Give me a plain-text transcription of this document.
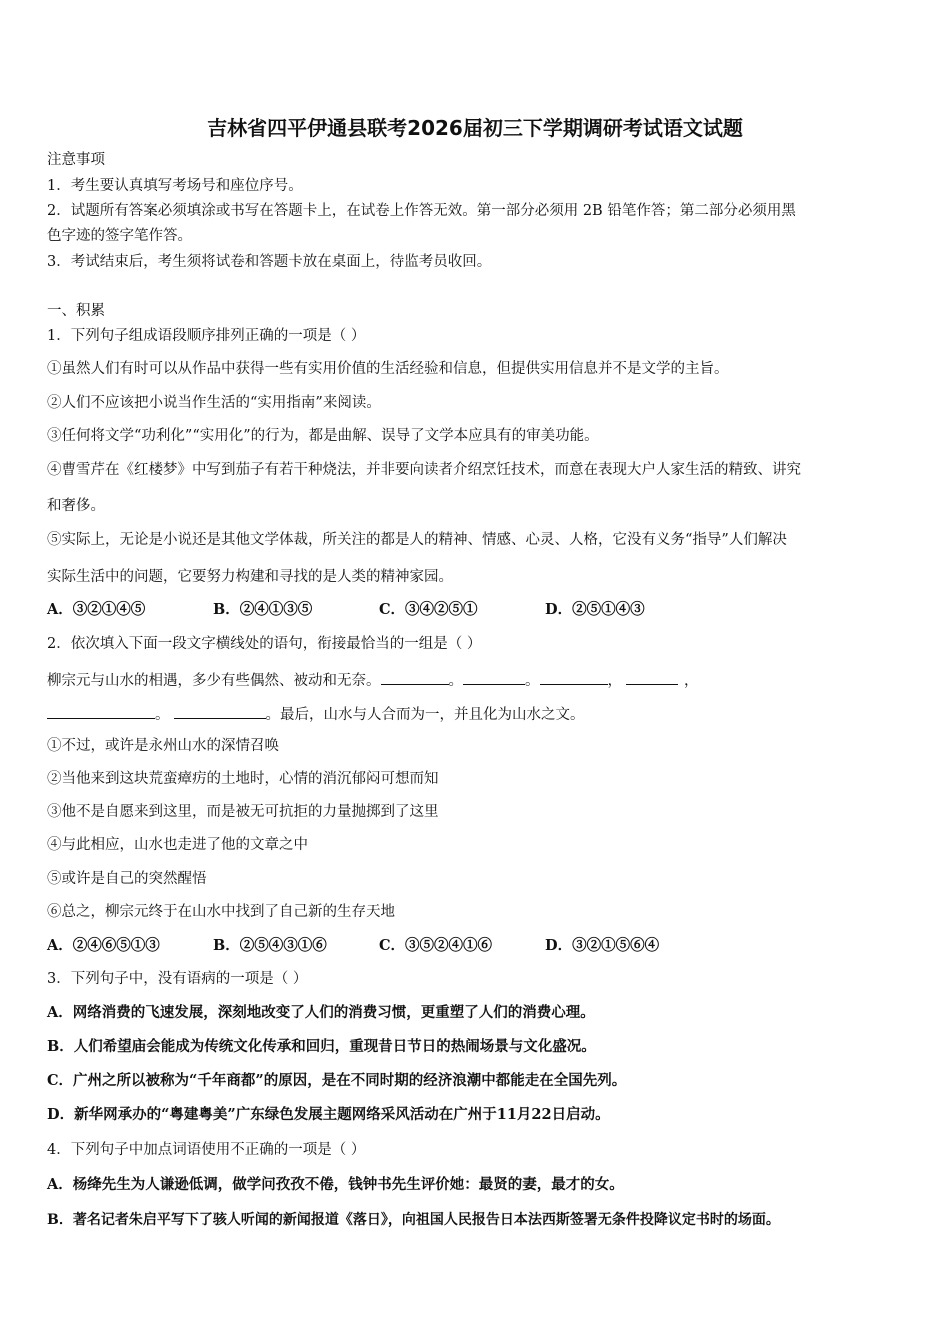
吉林省四平伊通县联考2026届初三下学期调研考试语文试题
注意事项
1．考生要认真填写考场号和座位序号。
2．试题所有答案必须填涂或书写在答题卡上，在试卷上作答无效。第一部分必须用 2B 铅笔作答；第二部分必须用黑
色字迹的签字笔作答。
3．考试结束后，考生须将试卷和答题卡放在桌面上，待监考员收回。
一、积累
1．下列句子组成语段顺序排列正确的一项是（ ）
①虽然人们有时可以从作品中获得一些有实用价值的生活经验和信息，但提供实用信息并不是文学的主旨。
②人们不应该把小说当作生活的“实用指南”来阅读。
③任何将文学“功利化”“实用化”的行为，都是曲解、误导了文学本应具有的审美功能。
④曹雪芹在《红楼梦》中写到茄子有若干种烧法，并非要向读者介绍烹饪技术，而意在表现大户人家生活的精致、讲究
和奢侈。
⑤实际上，无论是小说还是其他文学体裁，所关注的都是人的精神、情感、心灵、人格，它没有义务“指导”人们解决
实际生活中的问题，它要努力构建和寻找的是人类的精神家园。
A．③②①④⑤	B．②④①③⑤	C．③④②⑤①	D．②⑤①④③
2．依次填入下面一段文字横线处的语句，衔接最恰当的一组是（ ）
柳宗元与山水的相遇，多少有些偶然、被动和无奈。	。	。	，	，
。	。最后，山水与人合而为一，并且化为山水之文。
①不过，或许是永州山水的深情召唤
②当他来到这块荒蛮瘴疠的土地时，心情的消沉郁闷可想而知
③他不是自愿来到这里，而是被无可抗拒的力量抛掷到了这里
④与此相应，山水也走进了他的文章之中
⑤或许是自己的突然醒悟
⑥总之，柳宗元终于在山水中找到了自己新的生存天地
A．②④⑥⑤①③	B．②⑤④③①⑥	C．③⑤②④①⑥	D．③②①⑤⑥④
3．下列句子中，没有语病的一项是（ ）
A．网络消费的飞速发展，深刻地改变了人们的消费习惯，更重塑了人们的消费心理。
B．人们希望庙会能成为传统文化传承和回归，重现昔日节日的热闹场景与文化盛况。
C．广州之所以被称为“千年商都”的原因，是在不同时期的经济浪潮中都能走在全国先列。
D．新华网承办的“粤建粤美”广东绿色发展主题网络采风活动在广州于11月22日启动。
4．下列句子中加点词语使用不正确的一项是（ ）
A．杨绛先生为人谦逊低调，做学问孜孜不倦，钱钟书先生评价她：最贤的妻，最才的女。
B．著名记者朱启平写下了骇人听闻的新闻报道《落日》，向祖国人民报告日本法西斯签署无条件投降议定书时的场面。
